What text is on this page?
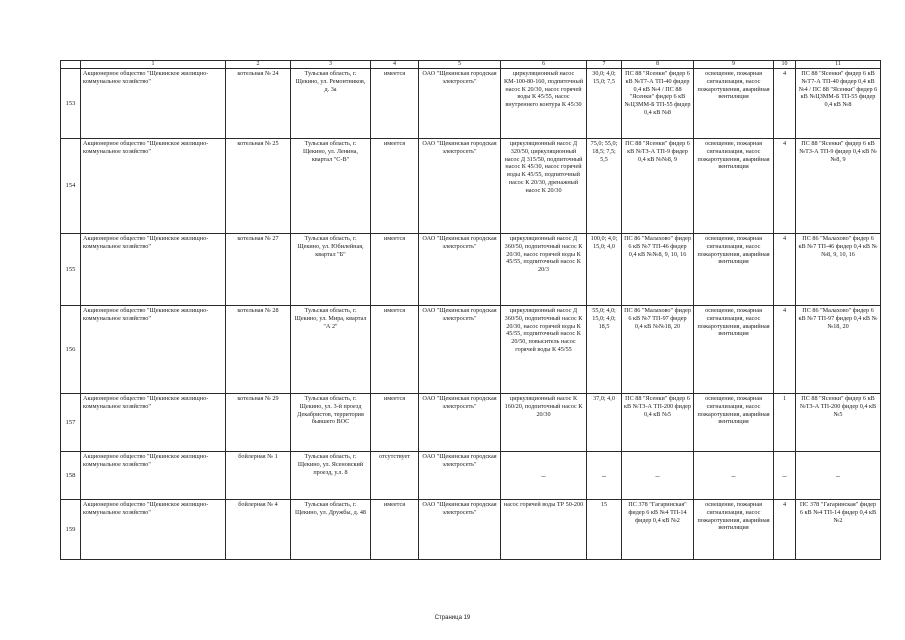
	1	2	3	4	5	6	7	8	9	10	11
153	Акционерное общество "Щекинское жилищно-коммунальное хозяйство"	котельная № 24	Тульская область, г. Щекино, ул. Ремонтников, д. 3а	имеется	ОАО "Щекинская городская электросеть"	циркуляционный насос КМ-100-80-160, подпиточный насос К 20/30, насос горячей воды К 45/55, насос внутреннего контура К 45/30	30,0; 4,0; 15,0; 7,5	ПС 88 "Ясенки" фидер 6 кВ №Т7-А ТП-40 фидер 0,4 кВ №4 / ПС 88 "Ясенки" фидер 6 кВ №ЦЗММ-Б ТП-55 фидер 0,4 кВ №8	освещение, пожарная сигнализация, насос пожаротушения, аварийная вентиляция	4	ПС 88 "Ясенки" фидер 6 кВ №Т7-А ТП-40 фидер 0,4 кВ №4 / ПС 88 "Ясенки" фидер 6 кВ №ЦЗММ-Б ТП-55 фидер 0,4 кВ №8
154	Акционерное общество "Щекинское жилищно-коммунальное хозяйство"	котельная № 25	Тульская область, г. Щекино, ул. Ленина, квартал "С-В"	имеется	ОАО "Щекинская городская электросеть"	циркуляционный насос Д 320/50, циркуляционный насос Д 315/50, подпиточный насос К 45/30, насос горячей воды К 45/55, подпиточный насос К 20/30, дренажный насос К 20/30	75,0; 55,0; 18,5; 7,5; 5,5	ПС 88 "Ясенки" фидер 6 кВ №ТЗ-А ТП-9 фидер 0,4 кВ №№8, 9	освещение, пожарная сигнализация, насос пожаротушения, аварийная вентиляция	4	ПС 88 "Ясенки" фидер 6 кВ №ТЗ-А ТП-9 фидер 0,4 кВ №№8, 9
155	Акционерное общество "Щекинское жилищно-коммунальное хозяйство"	котельная № 27	Тульская область, г. Щекино, ул. Юбилейная, квартал "Б"	имеется	ОАО "Щекинская городская электросеть"	циркуляционный насос Д 360/50, подпиточный насос К 20/30, насос горячей воды К 45/55, подпиточный насос К 20/3	100,0; 4,0; 15,0; 4,0	ПС 86 "Малахово" фидер 6 кВ №7 ТП-46 фидер 0,4 кВ №№8, 9, 10, 16	освещение, пожарная сигнализация, насос пожаротушения, аварийная вентиляция	4	ПС 86 "Малахово" фидер 6 кВ №7 ТП-46 фидер 0,4 кВ №№8, 9, 10, 16
156	Акционерное общество "Щекинское жилищно-коммунальное хозяйство"	котельная № 28	Тульская область, г. Щекино, ул. Мира, квартал "А 2"	имеется	ОАО "Щекинская городская электросеть"	циркуляционный насос Д 360/50, подпиточный насос К 20/30, насос горячей воды К 45/55, подпиточный насос К 20/50, повыситель насос горячей воды К 45/55	55,0; 4,0; 15,0; 4,0; 18,5	ПС 86 "Малахово" фидер 6 кВ №7 ТП-97 фидер 0,4 кВ №№18, 20	освещение, пожарная сигнализация, насос пожаротушения, аварийная вентиляция	4	ПС 86 "Малахово" фидер 6 кВ №7 ТП-97 фидер 0,4 кВ №№18, 20
157	Акционерное общество "Щекинское жилищно-коммунальное хозяйство"	котельная № 29	Тульская область, г. Щекино, ул. 3-й проезд Декабристов, территория бывшего ВОС	имеется	ОАО "Щекинская городская электросеть"	циркуляционный насос К 160/20, подпиточный насос К 20/30	37,0; 4,0	ПС 88 "Ясенки" фидер 6 кВ №ТЗ-А ТП-200 фидер 0,4 кВ №5	освещение, пожарная сигнализация, насос пожаротушения, аварийная вентиляция	1	ПС 88 "Ясенки" фидер 6 кВ №ТЗ-А ТП-200 фидер 0,4 кВ №5
158	Акционерное общество "Щекинское жилищно-коммунальное хозяйство"	бойлерная № 1	Тульская область, г. Щекино, ул. Ясеновский проезд, у.л. 8	отсутствует	ОАО "Щекинская городская электросеть"	–	–	–	–	–	–
159	Акционерное общество "Щекинское жилищно-коммунальное хозяйство"	бойлерная № 4	Тульская область, г. Щекино, ул. Дружбы, д. 48	имеется	ОАО "Щекинская городская электросеть"	насос горячей воды ТР 50-200	15	ПС 378 "Гагаринская" фидер 6 кВ №4 ТП-14 фидер 0,4 кВ №2	освещение, пожарная сигнализация, насос пожаротушения, аварийная вентиляция	4	ПС 378 "Гагаринская" фидер 6 кВ №4 ТП-14 фидер 0,4 кВ №2
Страница 19
